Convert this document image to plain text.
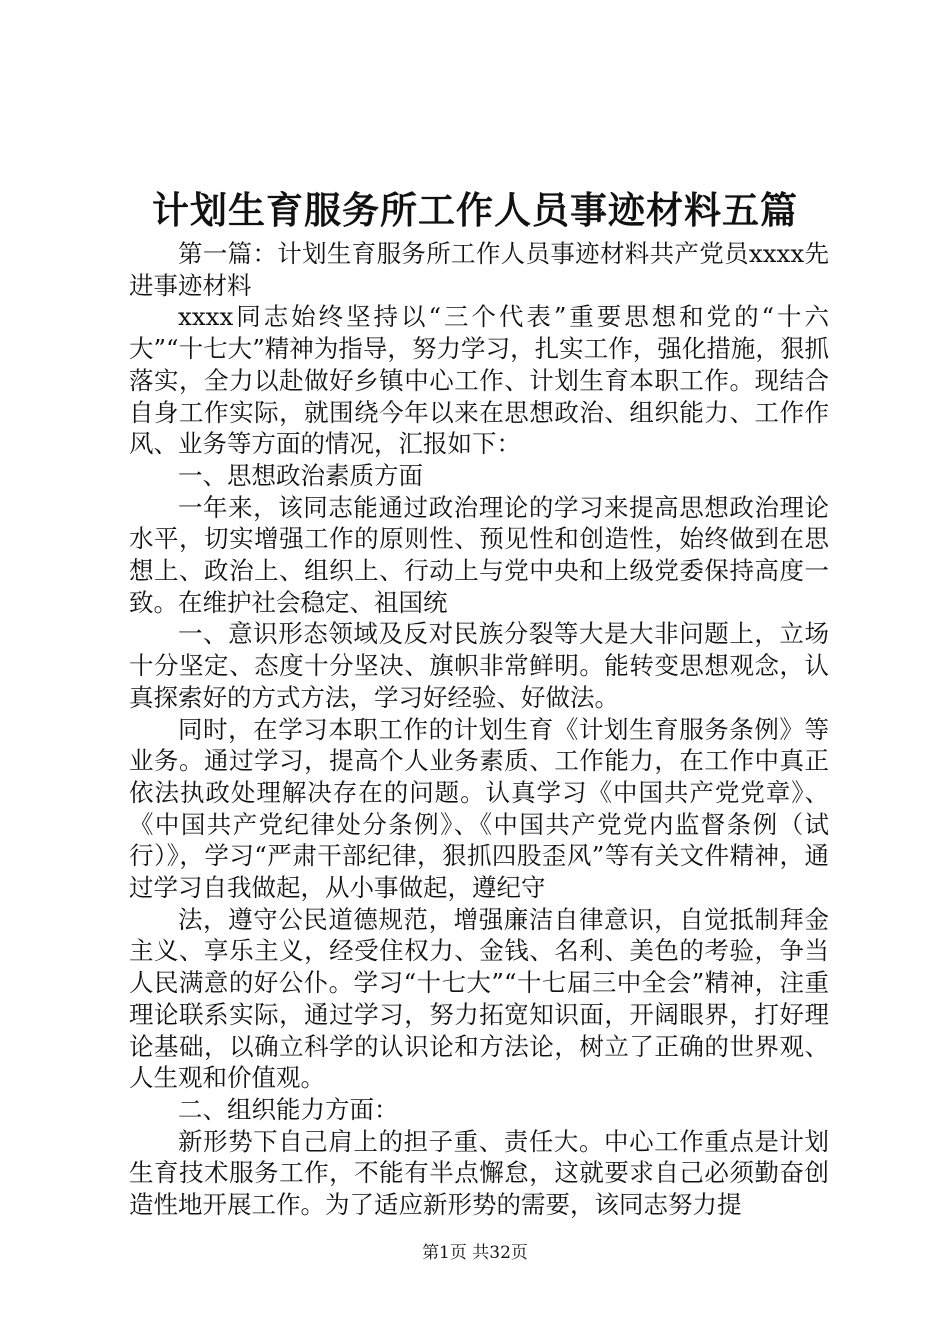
计划生育服务所工作人员事迹材料五篇

第一篇：计划生育服务所工作人员事迹材料共产党员xxxx先进事迹材料

xxxx同志始终坚持以“三个代表”重要思想和党的“十六大”“十七大”精神为指导，努力学习，扎实工作，强化措施，狠抓落实，全力以赴做好乡镇中心工作、计划生育本职工作。现结合自身工作实际，就围绕今年以来在思想政治、组织能力、工作作风、业务等方面的情况，汇报如下：

一、思想政治素质方面

一年来，该同志能通过政治理论的学习来提高思想政治理论水平，切实增强工作的原则性、预见性和创造性，始终做到在思想上、政治上、组织上、行动上与党中央和上级党委保持高度一致。在维护社会稳定、祖国统

一、意识形态领域及反对民族分裂等大是大非问题上，立场十分坚定、态度十分坚决、旗帜非常鲜明。能转变思想观念，认真探索好的方式方法，学习好经验、好做法。

同时，在学习本职工作的计划生育《计划生育服务条例》等业务。通过学习，提高个人业务素质、工作能力，在工作中真正依法执政处理解决存在的问题。认真学习《中国共产党党章》、《中国共产党纪律处分条例》、《中国共产党党内监督条例（试行）》，学习“严肃干部纪律，狠抓四股歪风”等有关文件精神，通过学习自我做起，从小事做起，遵纪守

法，遵守公民道德规范，增强廉洁自律意识，自觉抵制拜金主义、享乐主义，经受住权力、金钱、名利、美色的考验，争当人民满意的好公仆。学习“十七大”“十七届三中全会”精神，注重理论联系实际，通过学习，努力拓宽知识面，开阔眼界，打好理论基础，以确立科学的认识论和方法论，树立了正确的世界观、人生观和价值观。

二、组织能力方面：

新形势下自己肩上的担子重、责任大。中心工作重点是计划生育技术服务工作，不能有半点懈怠，这就要求自己必须勤奋创造性地开展工作。为了适应新形势的需要，该同志努力提

第1页 共32页
